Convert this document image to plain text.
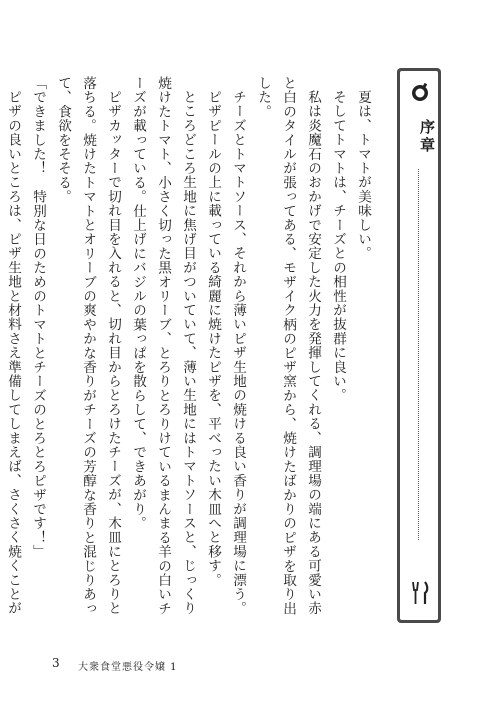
序章

夏は、トマトが美味しい。

そしてトマトは、チーズとの相性が抜群に良い。

私は炎魔石のおかげで安定した火力を発揮してくれる、調理場の端にある可愛い赤と白のタイルが張ってある、モザイク柄のピザ窯から、焼けたばかりのピザを取り出した。

チーズとトマトソース、それから薄いピザ生地の焼ける良い香りが調理場に漂う。

ピザピールの上に載っている綺麗に焼けたピザを、平べったい木皿へと移す。

ところどころ生地に焦げ目がついていて、薄い生地にはトマトソースと、じっくり焼けたトマト、小さく切った黒オリーブ、とろりとろりけているまんまる羊の白いチーズが載っている。仕上げにバジルの葉っぱを散らして、できあがり。

ピザカッターで切れ目を入れると、切れ目からとろけたチーズが、木皿にとろりと落ちる。焼けたトマトとオリーブの爽やかな香りがチーズの芳醇な香りと混じりあって、食欲をそそる。

「できました！　特別な日のためのトマトとチーズのとろとろピザです！」

ピザの良いところは、ピザ生地と材料さえ準備してしまえば、さくさく焼くことが

3 大衆食堂悪役令嬢 1
